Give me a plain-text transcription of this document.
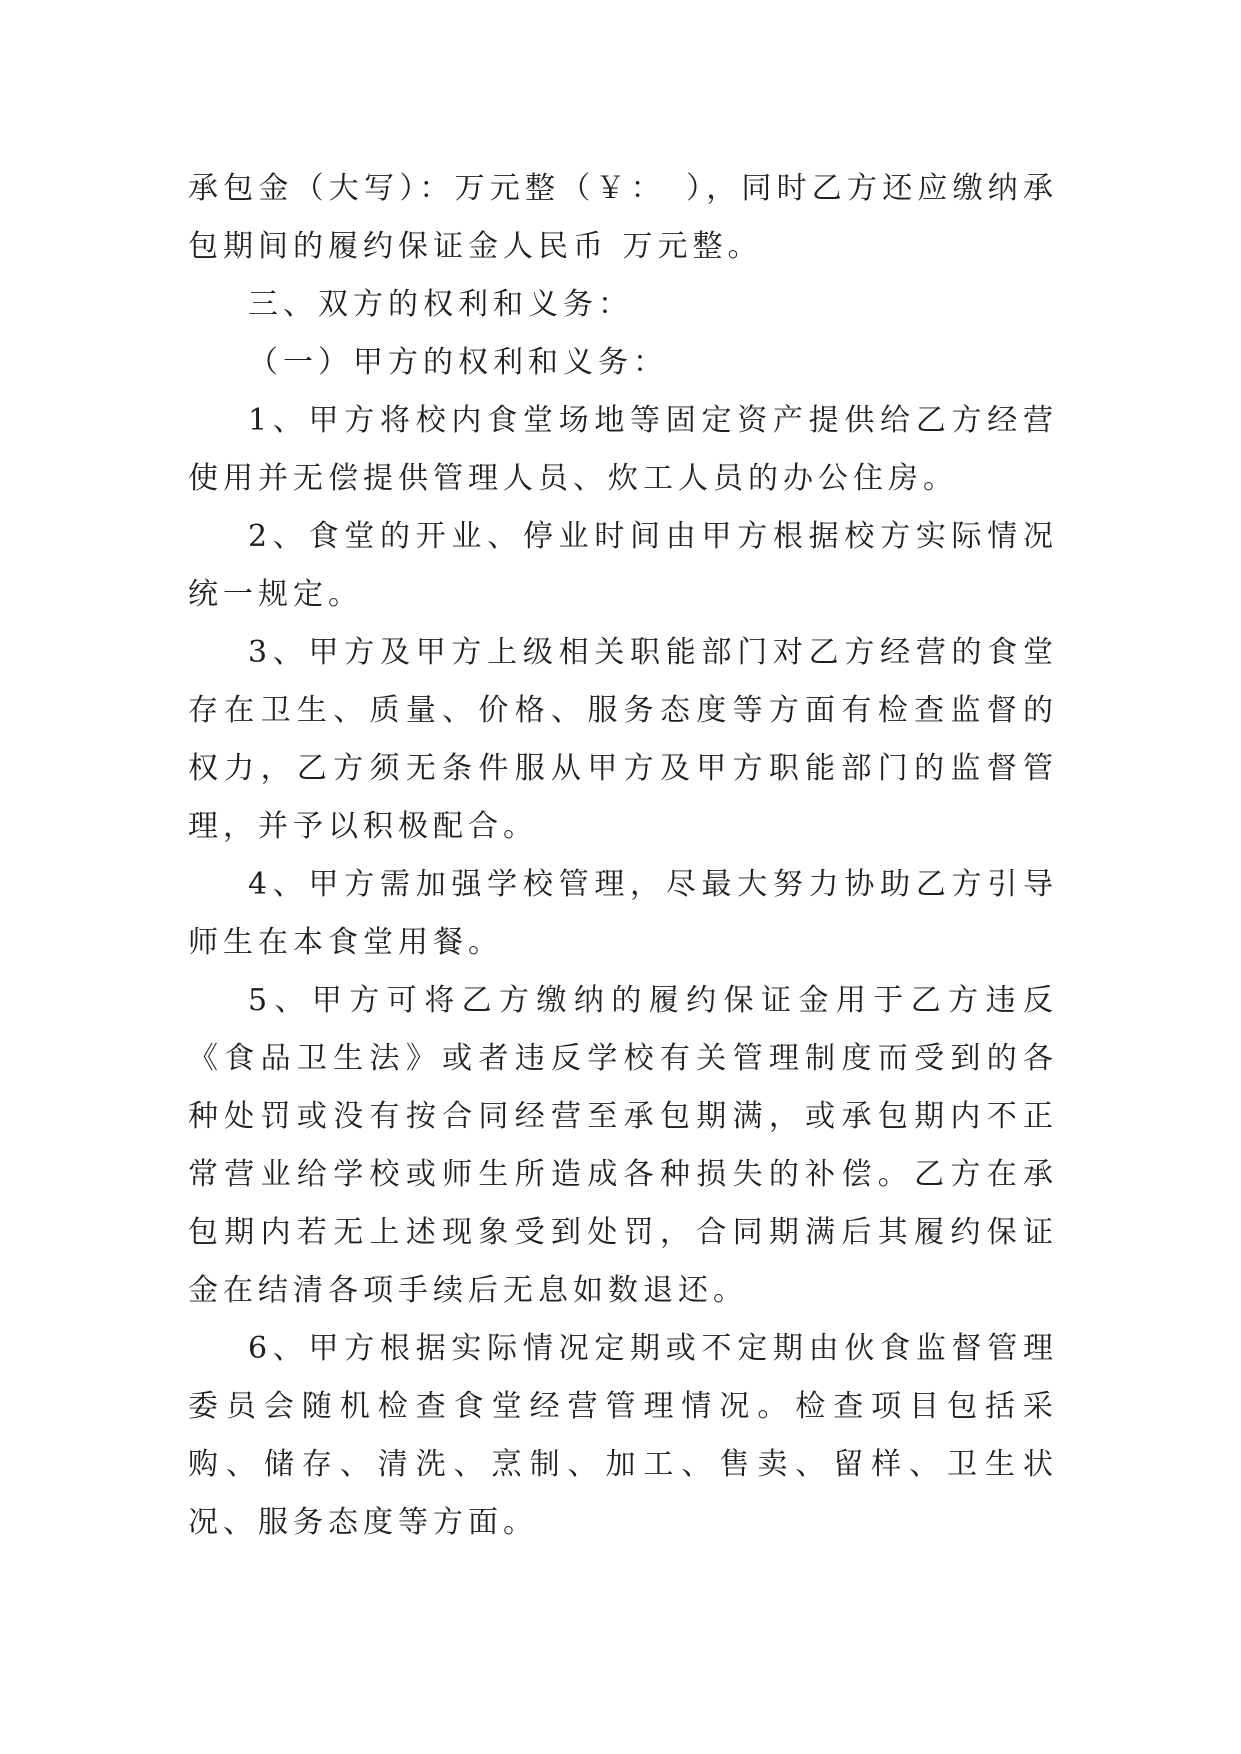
承包金（大写）：万元整（￥：　），同时乙方还应缴纳承包期间的履约保证金人民币 万元整。

三、双方的权利和义务：

（一）甲方的权利和义务：

1、甲方将校内食堂场地等固定资产提供给乙方经营使用并无偿提供管理人员、炊工人员的办公住房。

2、食堂的开业、停业时间由甲方根据校方实际情况统一规定。

3、甲方及甲方上级相关职能部门对乙方经营的食堂存在卫生、质量、价格、服务态度等方面有检查监督的权力，乙方须无条件服从甲方及甲方职能部门的监督管理，并予以积极配合。

4、甲方需加强学校管理，尽最大努力协助乙方引导师生在本食堂用餐。

5、甲方可将乙方缴纳的履约保证金用于乙方违反《食品卫生法》或者违反学校有关管理制度而受到的各种处罚或没有按合同经营至承包期满，或承包期内不正常营业给学校或师生所造成各种损失的补偿。乙方在承包期内若无上述现象受到处罚，合同期满后其履约保证金在结清各项手续后无息如数退还。

6、甲方根据实际情况定期或不定期由伙食监督管理委员会随机检查食堂经营管理情况。检查项目包括采购、储存、清洗、烹制、加工、售卖、留样、卫生状况、服务态度等方面。
